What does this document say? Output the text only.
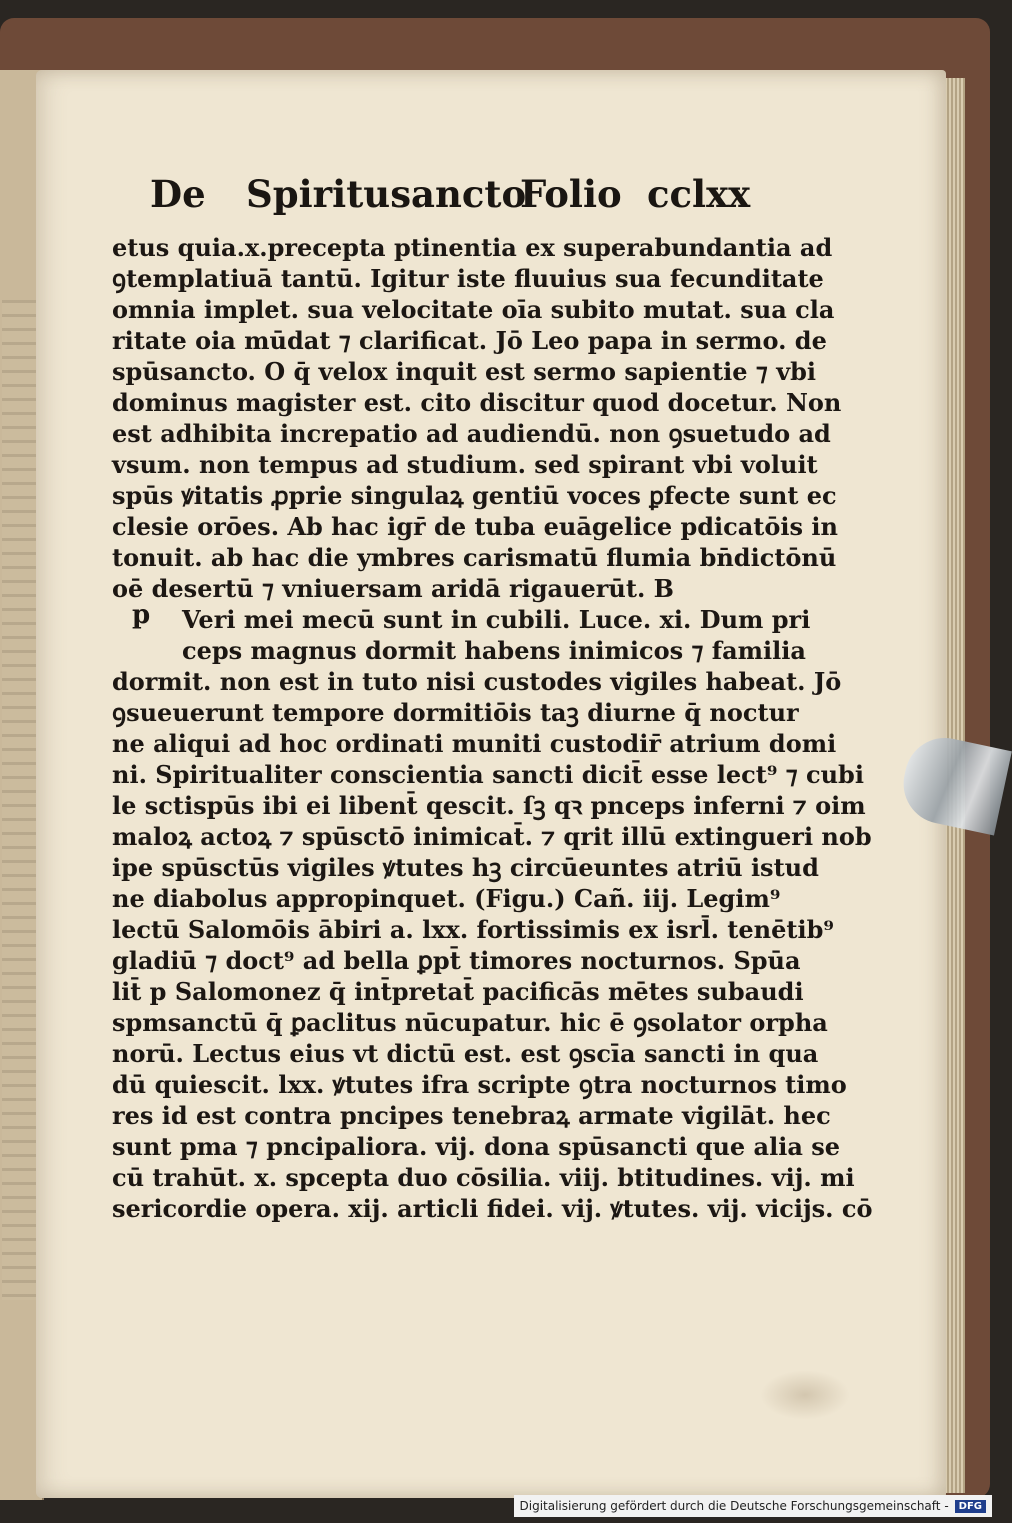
De Spiritusancto
Folio cclxx
p
etus quia.x.precepta ptinentia ex superabundantia ad
ꝯtemplatiuā tantū. Igitur iste fluuius sua fecunditate
omnia implet. sua velocitate oīa subito mutat. sua cla
ritate oia mūdat ⁊ clarificat. Jō Leo papa in sermo. de
spūsancto. O q̄ velox inquit est sermo sapientie ⁊ vbi
dominus magister est. cito discitur quod docetur. Non
est adhibita increpatio ad audiendū. non ꝯsuetudo ad
vsum. non tempus ad studium. sed spirant vbi voluit
spūs ꝟitatis ꝓprie singulaꝝ gentiū voces ꝑfecte sunt ec
clesie orōes. Ab hac igr̄ de tuba euāgelice pdicatōis in
tonuit. ab hac die ymbres carismatū flumia bn̄dictōnū
oē desertū ⁊ vniuersam aridā rigauerūt. B
Veri mei mecū sunt in cubili. Luce. xi. Dum pri
ceps magnus dormit habens inimicos ⁊ familia
dormit. non est in tuto nisi custodes vigiles habeat. Jō
ꝯsueuerunt tempore dormitiōis taꝫ diurne q̄ noctur
ne aliqui ad hoc ordinati muniti custodir̄ atrium domi
ni. Spiritualiter conscientia sancti dicit̄ esse lect⁹ ⁊ cubi
le sctispūs ibi ei libent̄ qescit. ſꝫ qꝛ pnceps inferni ⁊ oim
maloꝝ actoꝝ ⁊ spūsctō inimicat̄. ⁊ qrit illū extingueri nob
ipe spūsctūs vigiles ꝟtutes hꝫ circūeuntes atriū istud
ne diabolus appropinquet. (Figu.) Cañ. iij. Legim⁹
lectū Salomōis ābiri a. lxx. fortissimis ex isrl̄. tenētib⁹
gladiū ⁊ doct⁹ ad bella ꝑpt̄ timores nocturnos. Spūa
lit̄ p Salomonez q̄ int̄pretat̄ pacificās mētes subaudi
spmsanctū q̄ ꝑaclitus nūcupatur. hic ē ꝯsolator orpha
norū. Lectus eius vt dictū est. est ꝯscīa sancti in qua
dū quiescit. lxx. ꝟtutes ifra scripte ꝯtra nocturnos timo
res id est contra pncipes tenebraꝝ armate vigilāt. hec
sunt pma ⁊ pncipaliora. vij. dona spūsancti que alia se
cū trahūt. x. spcepta duo cōsilia. viij. btitudines. vij. mi
sericordie opera. xij. articli fidei. vij. ꝟtutes. vij. vicijs. cō
Digitalisierung gefördert durch die Deutsche Forschungsgemeinschaft -	DFG
